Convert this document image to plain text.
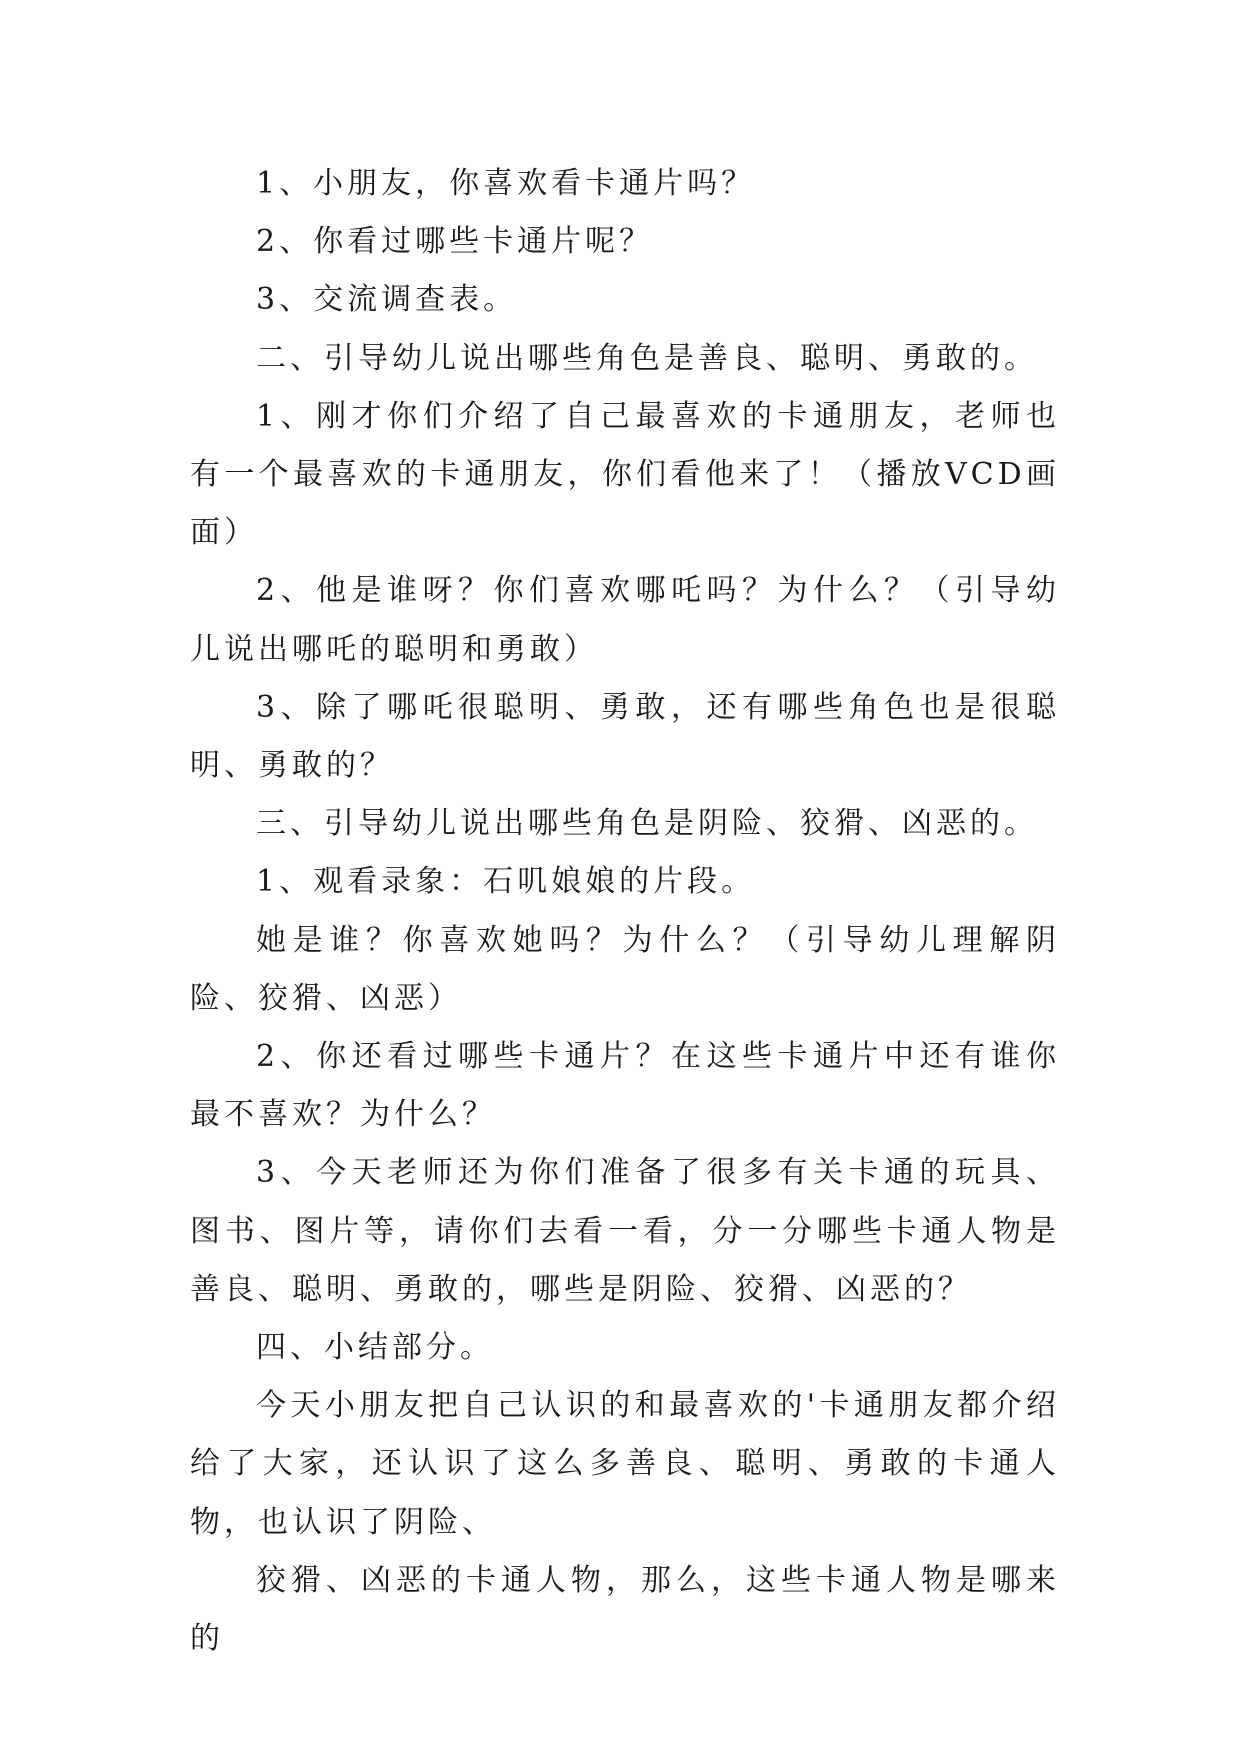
1、小朋友，你喜欢看卡通片吗？

2、你看过哪些卡通片呢？

3、交流调查表。

二、引导幼儿说出哪些角色是善良、聪明、勇敢的。

1、刚才你们介绍了自己最喜欢的卡通朋友，老师也有一个最喜欢的卡通朋友，你们看他来了！（播放VCD画面）

2、他是谁呀？你们喜欢哪吒吗？为什么？（引导幼儿说出哪吒的聪明和勇敢）

3、除了哪吒很聪明、勇敢，还有哪些角色也是很聪明、勇敢的？

三、引导幼儿说出哪些角色是阴险、狡猾、凶恶的。

1、观看录象：石叽娘娘的片段。

她是谁？你喜欢她吗？为什么？（引导幼儿理解阴险、狡猾、凶恶）

2、你还看过哪些卡通片？在这些卡通片中还有谁你最不喜欢？为什么？

3、今天老师还为你们准备了很多有关卡通的玩具、图书、图片等，请你们去看一看，分一分哪些卡通人物是善良、聪明、勇敢的，哪些是阴险、狡猾、凶恶的？

四、小结部分。

今天小朋友把自己认识的和最喜欢的'卡通朋友都介绍给了大家，还认识了这么多善良、聪明、勇敢的卡通人物，也认识了阴险、

狡猾、凶恶的卡通人物，那么，这些卡通人物是哪来的
